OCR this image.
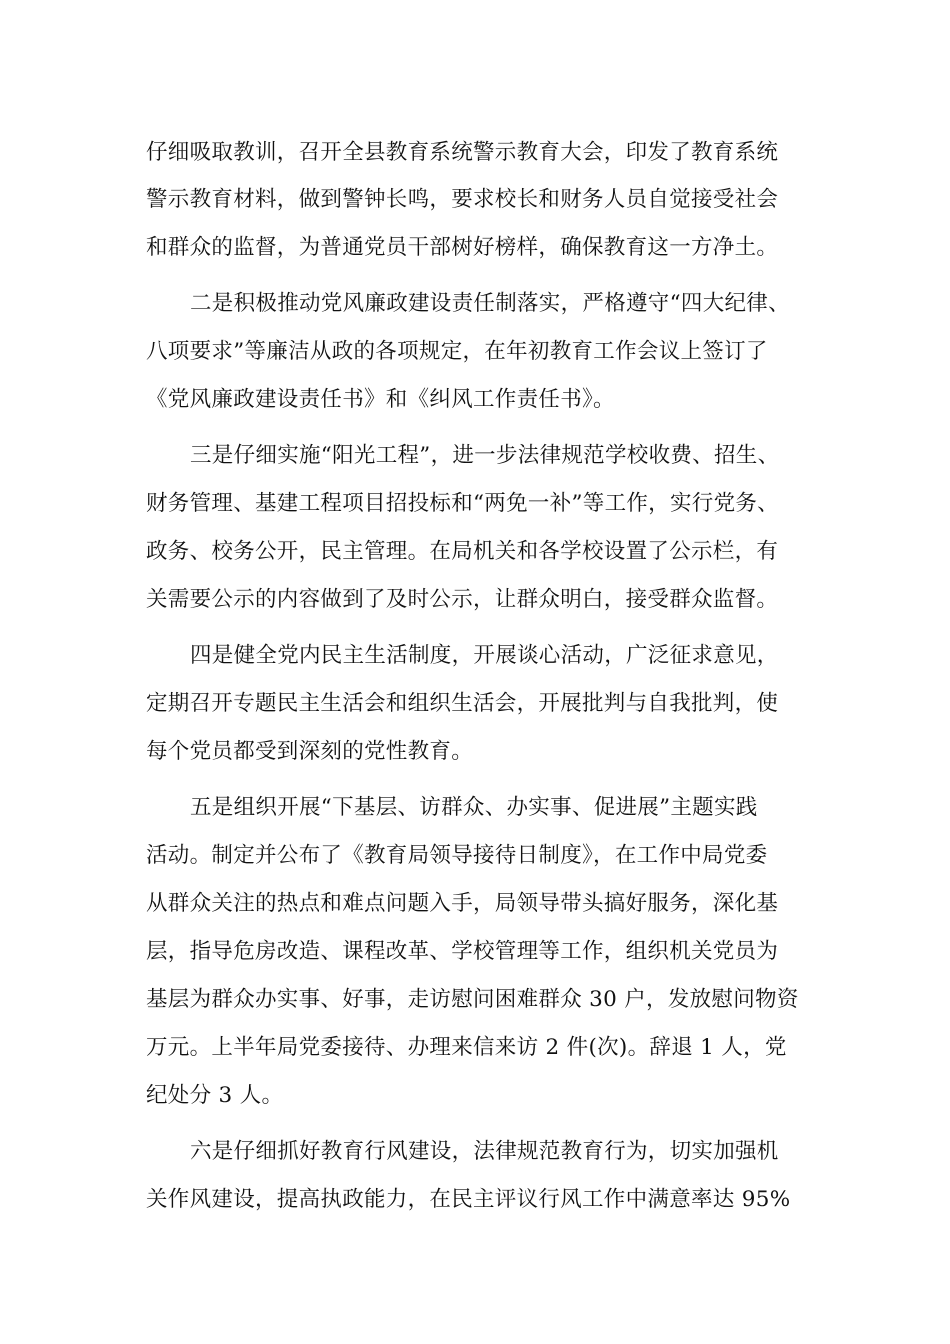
仔细吸取教训，召开全县教育系统警示教育大会，印发了教育系统
警示教育材料，做到警钟长鸣，要求校长和财务人员自觉接受社会
和群众的监督，为普通党员干部树好榜样，确保教育这一方净土。
二是积极推动党风廉政建设责任制落实，严格遵守“四大纪律、
八项要求”等廉洁从政的各项规定，在年初教育工作会议上签订了
《党风廉政建设责任书》和《纠风工作责任书》。
三是仔细实施“阳光工程”，进一步法律规范学校收费、招生、
财务管理、基建工程项目招投标和“两免一补”等工作，实行党务、
政务、校务公开，民主管理。在局机关和各学校设置了公示栏，有
关需要公示的内容做到了及时公示，让群众明白，接受群众监督。
四是健全党内民主生活制度，开展谈心活动，广泛征求意见，
定期召开专题民主生活会和组织生活会，开展批判与自我批判，使
每个党员都受到深刻的党性教育。
五是组织开展“下基层、访群众、办实事、促进展”主题实践
活动。制定并公布了《教育局领导接待日制度》，在工作中局党委
从群众关注的热点和难点问题入手，局领导带头搞好服务，深化基
层，指导危房改造、课程改革、学校管理等工作，组织机关党员为
基层为群众办实事、好事，走访慰问困难群众 30 户，发放慰问物资
万元。上半年局党委接待、办理来信来访 2 件(次)。辞退 1 人，党
纪处分 3 人。
六是仔细抓好教育行风建设，法律规范教育行为，切实加强机
关作风建设，提高执政能力，在民主评议行风工作中满意率达 95%
